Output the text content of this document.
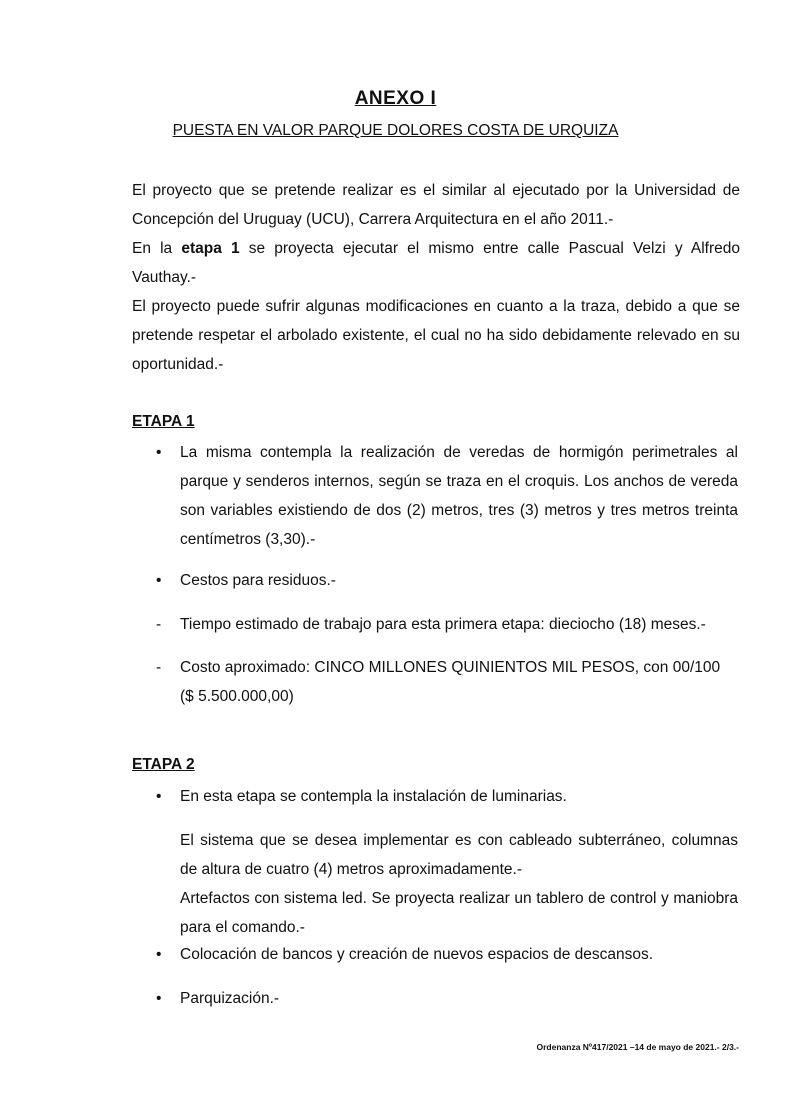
ANEXO I
PUESTA EN VALOR PARQUE DOLORES COSTA DE URQUIZA

El proyecto que se pretende realizar es el similar al ejecutado por la Universidad de Concepción del Uruguay (UCU), Carrera Arquitectura en el año 2011.-

En la etapa 1 se proyecta ejecutar el mismo entre calle Pascual Velzi y Alfredo Vauthay.-

El proyecto puede sufrir algunas modificaciones en cuanto a la traza, debido a que se pretende respetar el arbolado existente, el cual no ha sido debidamente relevado en su oportunidad.-

ETAPA 1
• La misma contempla la realización de veredas de hormigón perimetrales al parque y senderos internos, según se traza en el croquis. Los anchos de vereda son variables existiendo de dos (2) metros, tres (3) metros y tres metros treinta centímetros (3,30).-

• Cestos para residuos.-

- Tiempo estimado de trabajo para esta primera etapa: dieciocho (18) meses.-

- Costo aproximado: CINCO MILLONES QUINIENTOS MIL PESOS, con 00/100

($ 5.500.000,00)

ETAPA 2
• En esta etapa se contempla la instalación de luminarias.

El sistema que se desea implementar es con cableado subterráneo, columnas de altura de cuatro (4) metros aproximadamente.-

Artefactos con sistema led. Se proyecta realizar un tablero de control y maniobra para el comando.-

• Colocación de bancos y creación de nuevos espacios de descansos.

• Parquización.-

Ordenanza Nº417/2021 –14 de mayo de 2021.- 2/3.-
